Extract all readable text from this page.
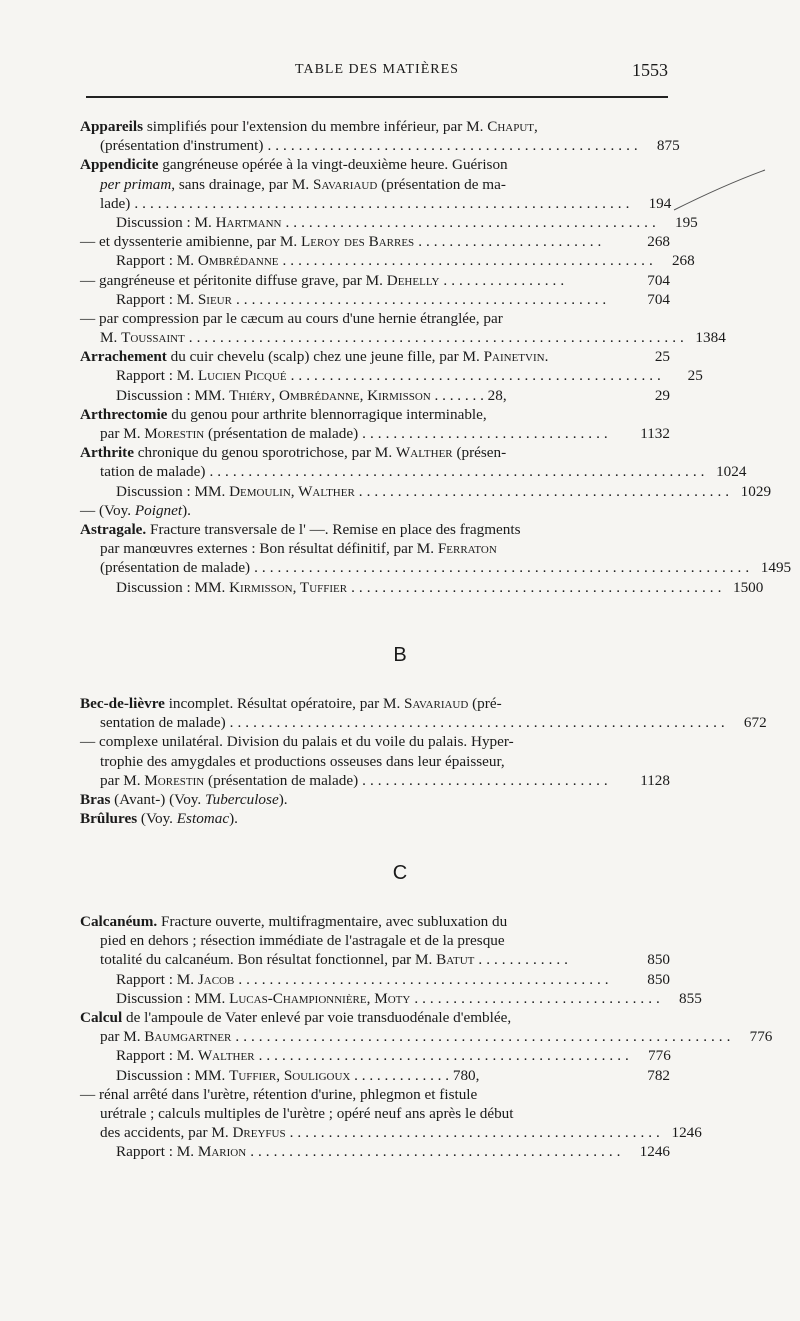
TABLE DES MATIÈRES	1553
Appareils simplifiés pour l'extension du membre inférieur, par M. Chaput,
(présentation d'instrument) ................................................	875
Appendicite gangréneuse opérée à la vingt-deuxième heure. Guérison
per primam, sans drainage, par M. Savariaud (présentation de ma-
lade) ................................................................	194
Discussion : M. Hartmann ................................................	195
— et dyssenterie amibienne, par M. Leroy des Barres ........................	268
Rapport : M. Ombrédanne ................................................	268
— gangréneuse et péritonite diffuse grave, par M. Dehelly ................	704
Rapport : M. Sieur ................................................	704
— par compression par le cæcum au cours d'une hernie étranglée, par
M. Toussaint ................................................................ 1384
Arrachement du cuir chevelu (scalp) chez une jeune fille, par M. Painetvin.	25
Rapport : M. Lucien Picqué ................................................	25
Discussion : MM. Thiéry, Ombrédanne, Kirmisson . . . . . . . 28,	29
Arthrectomie du genou pour arthrite blennorragique interminable,
par M. Morestin (présentation de malade) ................................	1132
Arthrite chronique du genou sporotrichose, par M. Walther (présen-
tation de malade) ................................................................ 1024
Discussion : MM. Demoulin, Walther ................................................ 1029
— (Voy. Poignet).
Astragale. Fracture transversale de l' —. Remise en place des fragments
par manœuvres externes : Bon résultat définitif, par M. Ferraton
(présentation de malade) ................................................................ 1495
Discussion : MM. Kirmisson, Tuffier ................................................ 1500
B
Bec-de-lièvre incomplet. Résultat opératoire, par M. Savariaud (pré-
sentation de malade) ................................................................	672
— complexe unilatéral. Division du palais et du voile du palais. Hyper-
trophie des amygdales et productions osseuses dans leur épaisseur,
par M. Morestin (présentation de malade) ................................	1128
Bras (Avant-) (Voy. Tuberculose).
Brûlures (Voy. Estomac).
C
Calcanéum. Fracture ouverte, multifragmentaire, avec subluxation du
pied en dehors ; résection immédiate de l'astragale et de la presque
totalité du calcanéum. Bon résultat fonctionnel, par M. Batut ............	850
Rapport : M. Jacob ................................................	850
Discussion : MM. Lucas-Championnière, Moty ................................	855
Calcul de l'ampoule de Vater enlevé par voie transduodénale d'emblée,
par M. Baumgartner ................................................................	776
Rapport : M. Walther ................................................	776
Discussion : MM. Tuffier, Souligoux . . . . . . . . . . . . . 780,	782
— rénal arrêté dans l'urètre, rétention d'urine, phlegmon et fistule
urétrale ; calculs multiples de l'urètre ; opéré neuf ans après le début
des accidents, par M. Dreyfus ................................................ 1246
Rapport : M. Marion ................................................ 1246
